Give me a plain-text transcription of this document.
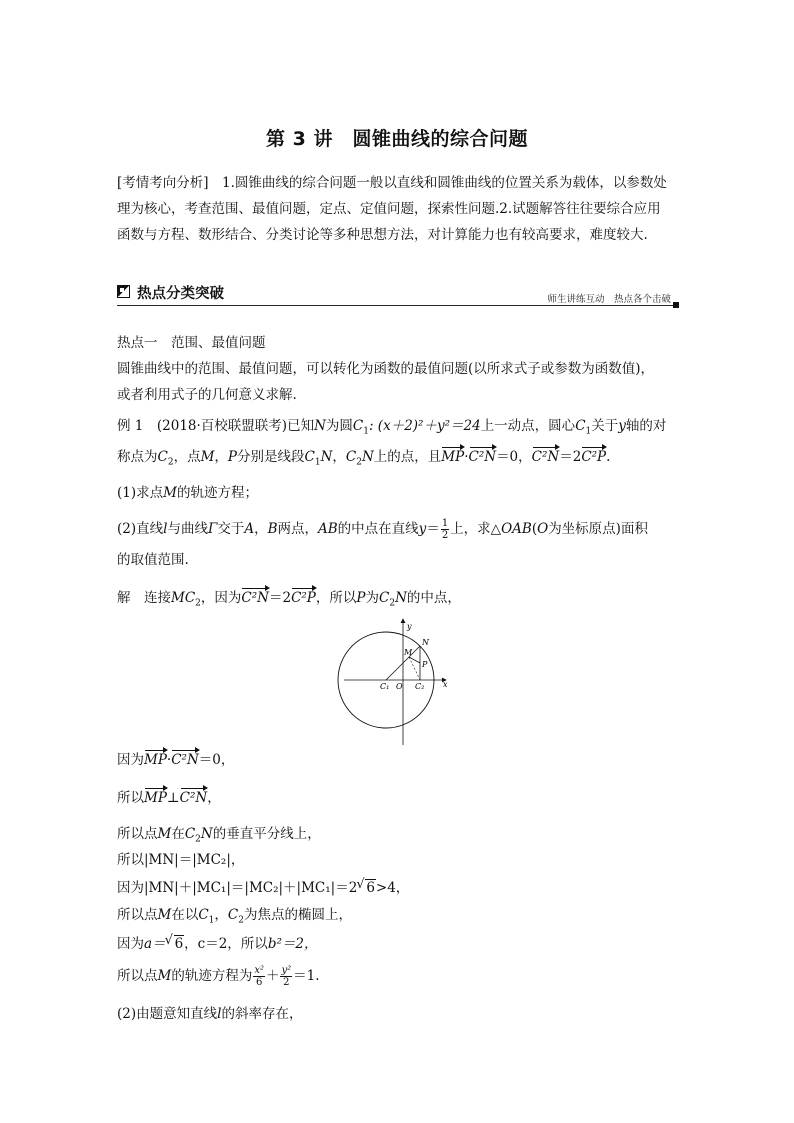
第 3 讲　圆锥曲线的综合问题
[考情考向分析]　1.圆锥曲线的综合问题一般以直线和圆锥曲线的位置关系为载体，以参数处
理为核心，考查范围、最值问题，定点、定值问题，探索性问题.2.试题解答往往要综合应用
函数与方程、数形结合、分类讨论等多种思想方法，对计算能力也有较高要求，难度较大.
热点分类突破	师生讲练互动　热点各个击破
热点一　范围、最值问题
圆锥曲线中的范围、最值问题，可以转化为函数的最值问题(以所求式子或参数为函数值)，
或者利用式子的几何意义求解.
例 1　(2018·百校联盟联考)已知N为圆$C_1$: (x＋2)²＋y²＝24上一动点，圆心$C_1$关于y轴的对
称点为$C_2$，点M，P分别是线段$C_1N$，$C_2N$上的点，且MP·C²N＝0，C²N＝2C²P.
(1)求点M的轨迹方程；
(2)直线l与曲线Γ交于A，B两点，AB的中点在直线$y= \frac{1}{2}$ 上，求△OAB(O为坐标原点)面积
的取值范围.
解　连接$MC_2$，因为C²N＝2C²P，所以P为$C_2N$的中点，
y
x
N
M
P
C₁ O C₂
因为MP·C²N＝0，
所以MP⊥C²N，
所以点M在$C_2N$的垂直平分线上，
所以|MN|＝|MC₂|，
因为|MN|＋|MC₁|＝|MC₂|＋|MC₁|＝2 √ 6>4，
所以点M在以$C_1$，$C_2$为焦点的椭圆上，
因为a＝ √ 6，c＝2，所以b²＝2，
所以点M的轨迹方程为 $\frac{\text{x²}}{6} + \frac{\text{y²}}{2} =1$.
(2)由题意知直线l的斜率存在，
